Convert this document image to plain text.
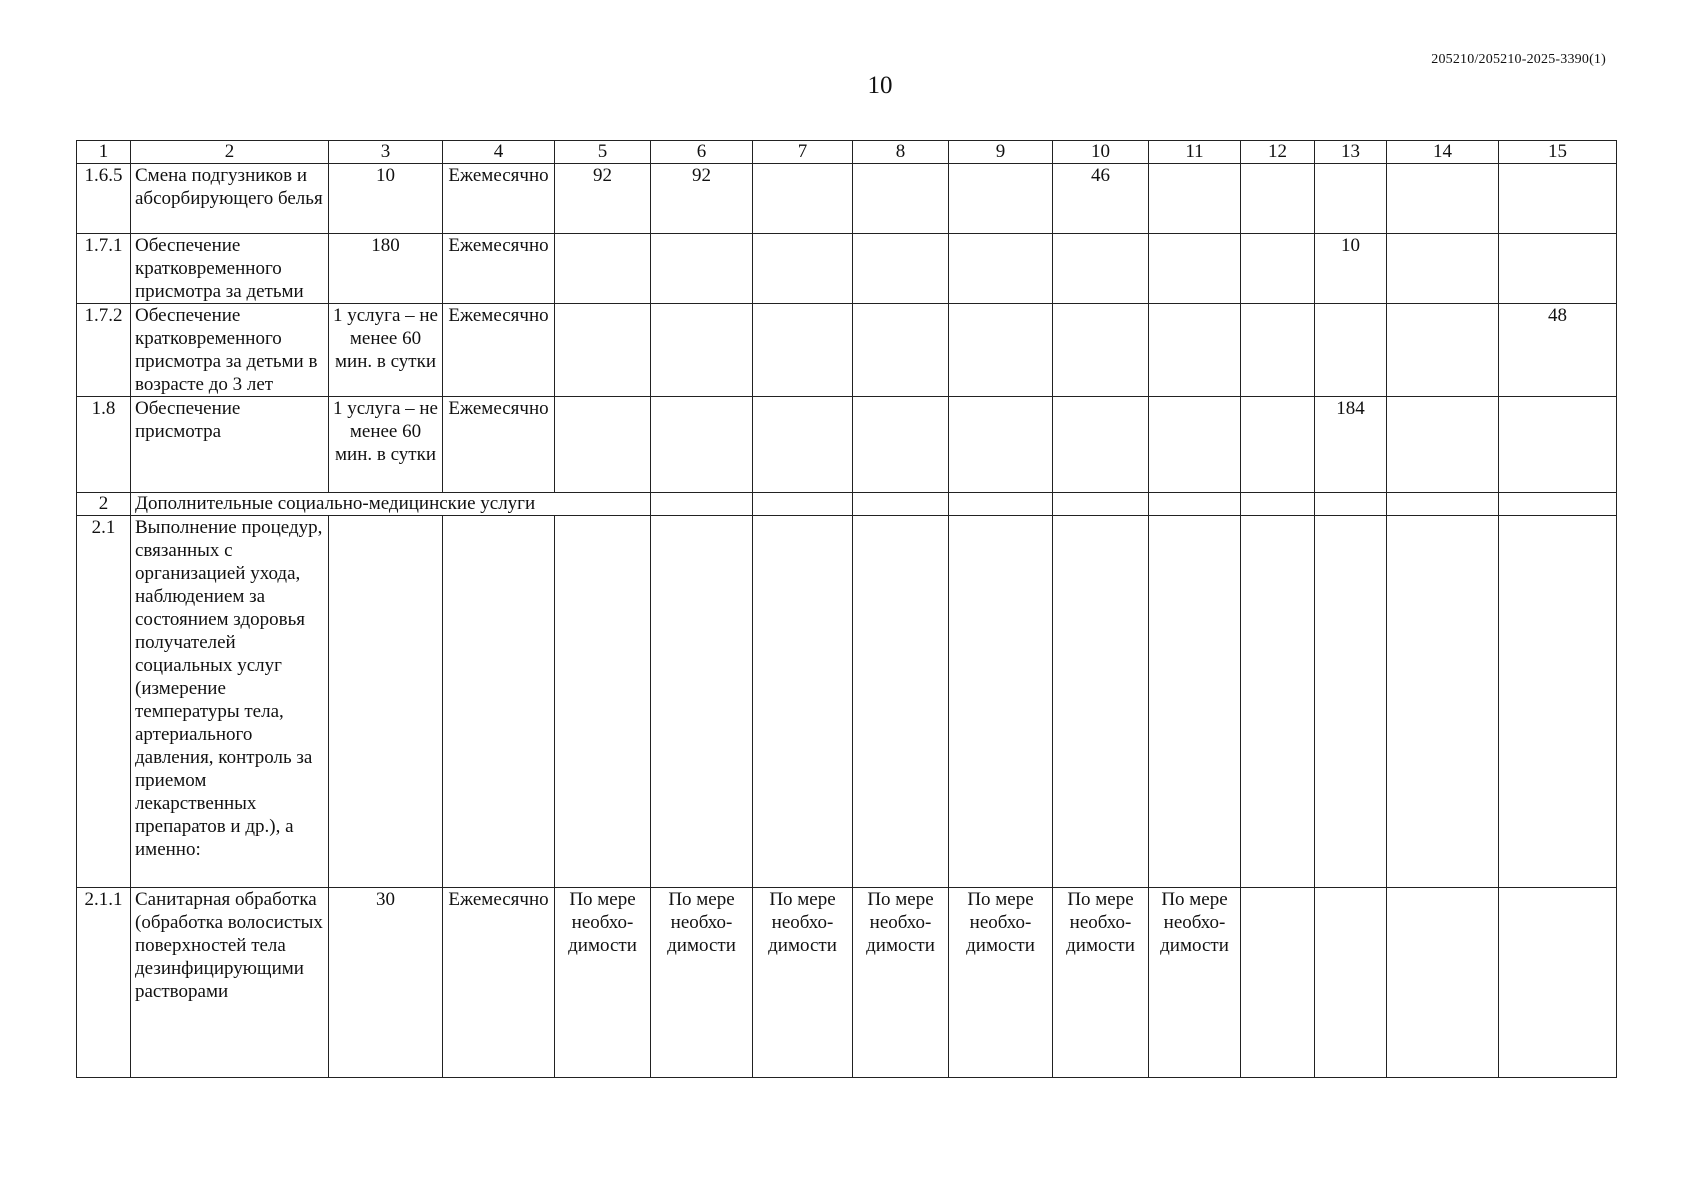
205210/205210-2025-3390(1)
10
1	2	3	4	5	6	7	8	9	10	11	12	13	14	15
1.6.5	Смена подгузников и абсорбирующего белья	10	Ежемесячно	92	92				46					
1.7.1	Обеспечение кратковременного присмотра за детьми	180	Ежемесячно									10		
1.7.2	Обеспечение кратковременного присмотра за детьми в возрасте до 3 лет	1 услуга – не менее 60 мин. в сутки	Ежемесячно											48
1.8	Обеспечение присмотра	1 услуга – не менее 60 мин. в сутки	Ежемесячно									184		
2	Дополнительные социально-медицинские услуги													
2.1	Выполнение процедур, связанных с организацией ухода, наблюдением за состоянием здоровья получателей социальных услуг (измерение температуры тела, артериального давления, контроль за приемом лекарственных препаратов и др.), а именно:													
2.1.1	Санитарная обработка (обработка волосистых поверхностей тела дезинфицирующими растворами	30	Ежемесячно	По мере необхо-димости	По мере необхо-димости	По мере необхо-димости	По мере необхо-димости	По мере необхо-димости	По мере необхо-димости	По мере необхо-димости				
